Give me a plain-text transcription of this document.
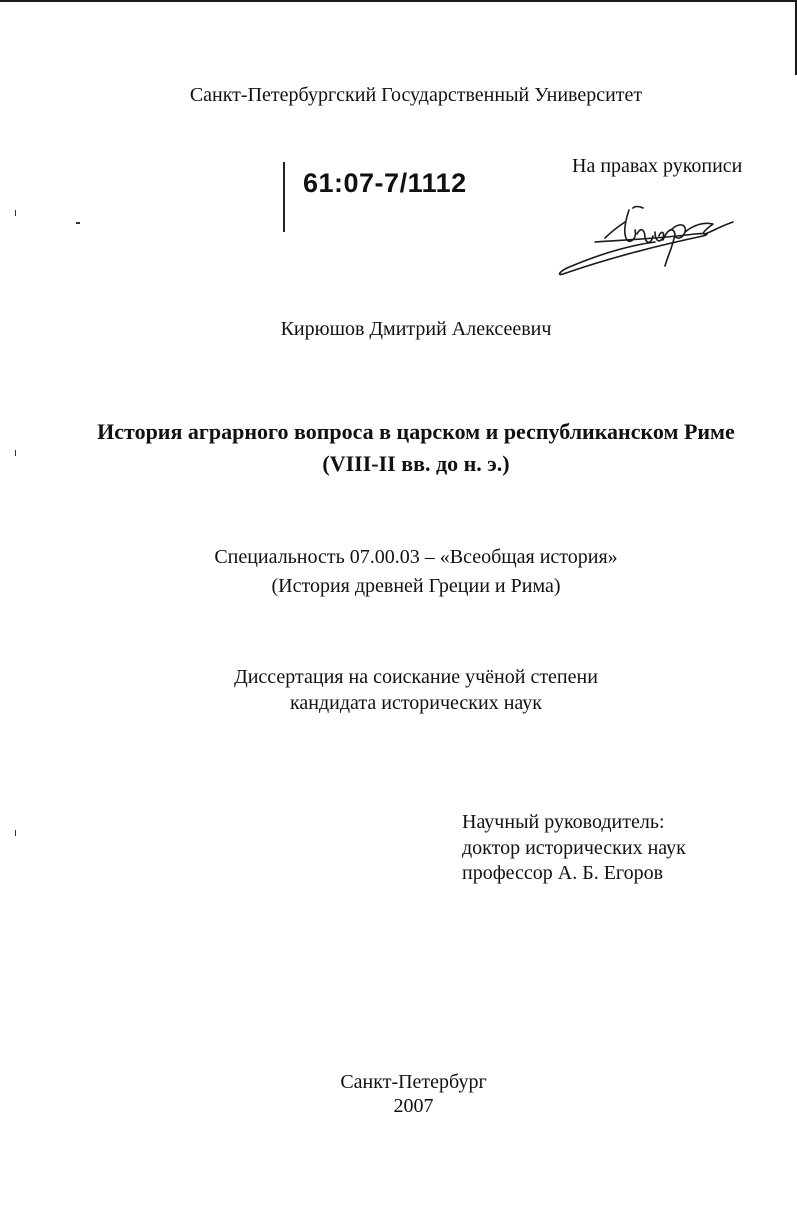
Санкт-Петербургский Государственный Университет
61:07-7/1112
На правах рукописи
Кирюшов Дмитрий Алексеевич
История аграрного вопроса в царском и республиканском Риме
(VIII-II вв. до н. э.)
Специальность 07.00.03 – «Всеобщая история»
(История древней Греции и Рима)
Диссертация на соискание учёной степени
кандидата исторических наук
Научный руководитель:
доктор исторических наук
профессор А. Б. Егоров
Санкт-Петербург
2007
